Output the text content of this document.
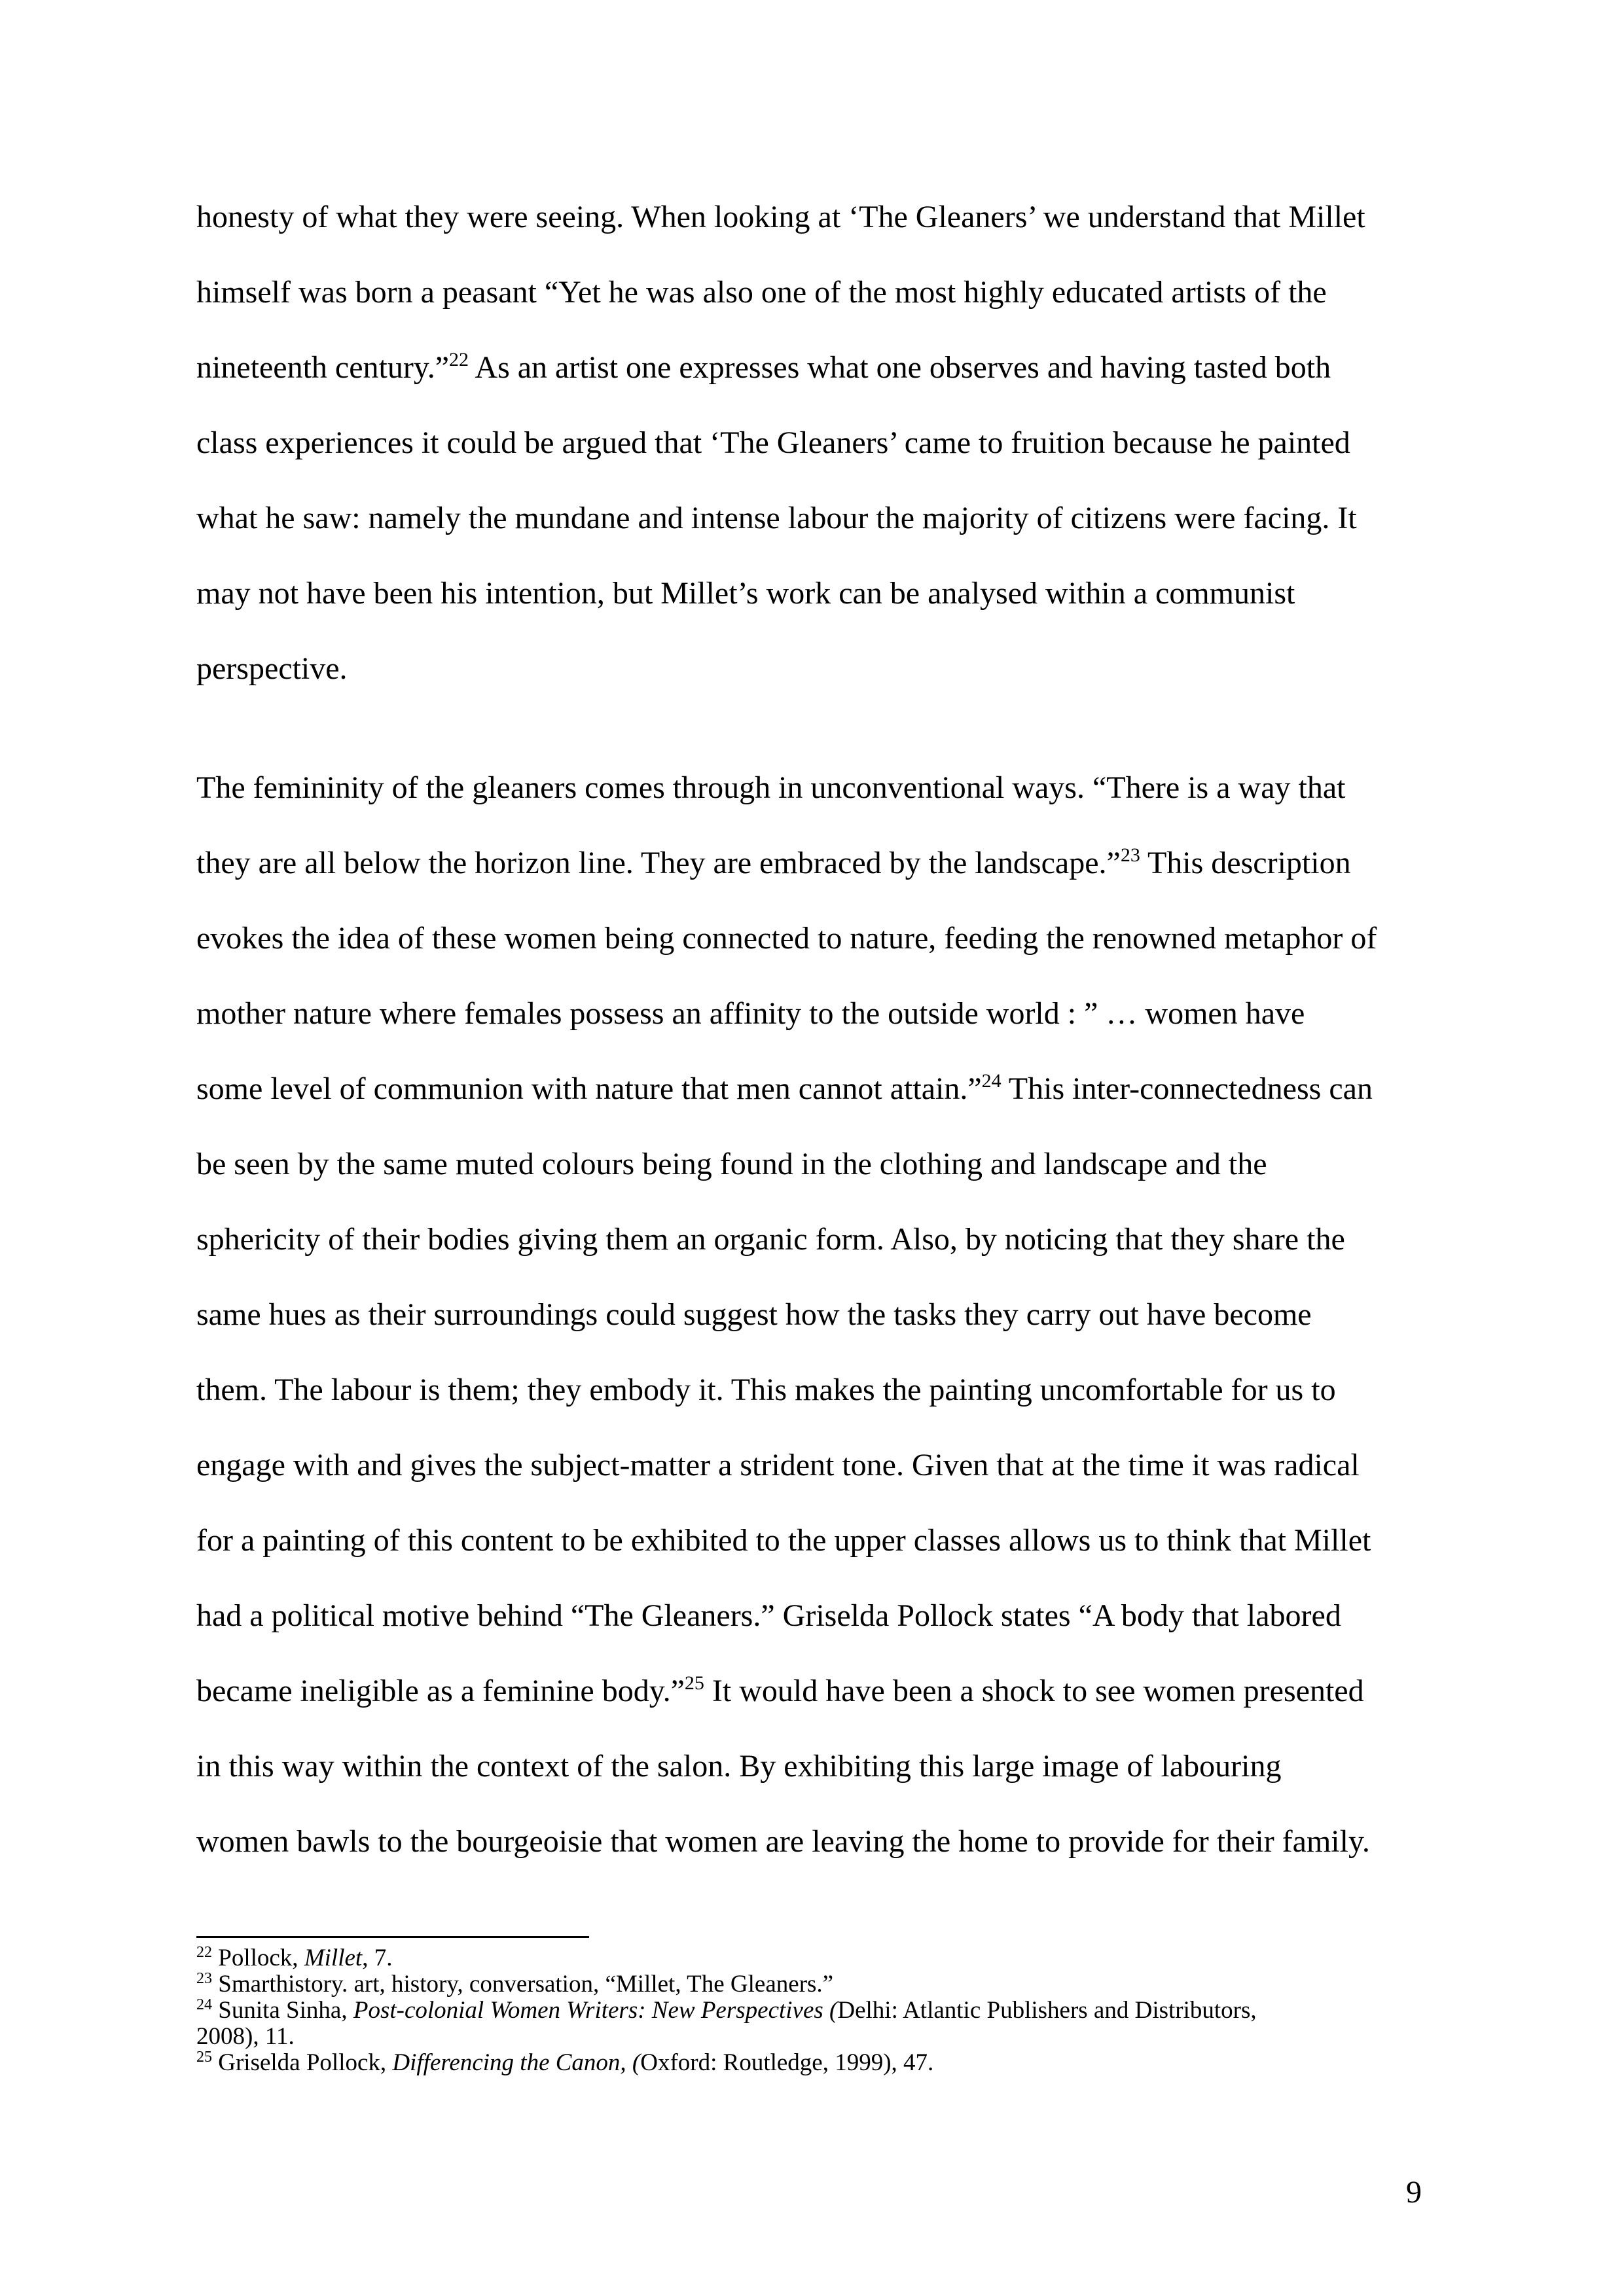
honesty of what they were seeing. When looking at ‘The Gleaners’ we understand that Millet
himself was born a peasant “Yet he was also one of the most highly educated artists of the
nineteenth century.”$^{22}$ As an artist one expresses what one observes and having tasted both
class experiences it could be argued that ‘The Gleaners’ came to fruition because he painted
what he saw: namely the mundane and intense labour the majority of citizens were facing. It
may not have been his intention, but Millet’s work can be analysed within a communist
perspective.
The femininity of the gleaners comes through in unconventional ways. “There is a way that
they are all below the horizon line. They are embraced by the landscape.”$^{23}$ This description
evokes the idea of these women being connected to nature, feeding the renowned metaphor of
mother nature where females possess an affinity to the outside world : ” … women have
some level of communion with nature that men cannot attain.”$^{24}$ This inter-connectedness can
be seen by the same muted colours being found in the clothing and landscape and the
sphericity of their bodies giving them an organic form. Also, by noticing that they share the
same hues as their surroundings could suggest how the tasks they carry out have become
them. The labour is them; they embody it. This makes the painting uncomfortable for us to
engage with and gives the subject-matter a strident tone. Given that at the time it was radical
for a painting of this content to be exhibited to the upper classes allows us to think that Millet
had a political motive behind “The Gleaners.” Griselda Pollock states “A body that labored
became ineligible as a feminine body.”$^{25}$ It would have been a shock to see women presented
in this way within the context of the salon. By exhibiting this large image of labouring
women bawls to the bourgeoisie that women are leaving the home to provide for their family.
$^{22}$ Pollock, Millet, 7.
$^{23}$ Smarthistory. art, history, conversation, “Millet, The Gleaners.”
$^{24}$ Sunita Sinha, Post-colonial Women Writers: New Perspectives (Delhi: Atlantic Publishers and Distributors,
2008), 11.
$^{25}$ Griselda Pollock, Differencing the Canon, (Oxford: Routledge, 1999), 47.
9
